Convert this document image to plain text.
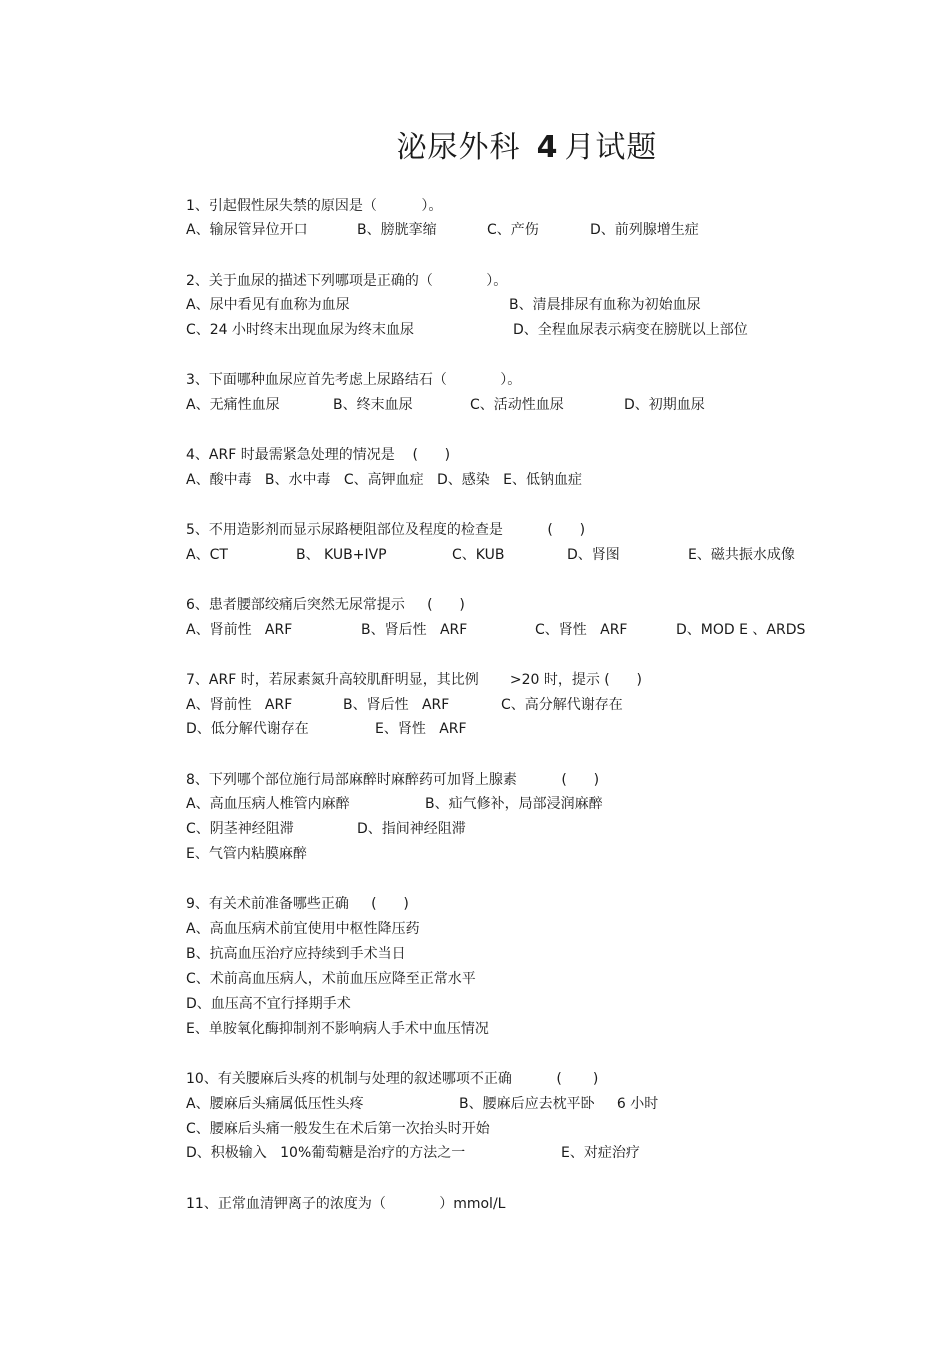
泌尿外科 4 月试题
1、引起假性尿失禁的原因是（          ）。
A、输尿管异位开口	B、膀胱挛缩	C、产伤	D、前列腺增生症
2、关于血尿的描述下列哪项是正确的（            ）。
A、尿中看见有血称为血尿	B、清晨排尿有血称为初始血尿
C、24 小时终末出现血尿为终末血尿	D、全程血尿表示病变在膀胱以上部位
3、下面哪种血尿应首先考虑上尿路结石（            ）。
A、无痛性血尿	B、终末血尿	C、活动性血尿	D、初期血尿
4、ARF 时最需紧急处理的情况是    (      )
A、酸中毒   B、水中毒   C、高钾血症   D、感染   E、低钠血症
5、不用造影剂而显示尿路梗阻部位及程度的检查是          (      )
A、CT	B、 KUB+IVP	C、KUB	D、肾图	E、磁共振水成像
6、患者腰部绞痛后突然无尿常提示     (      )
A、肾前性   ARF	B、肾后性   ARF	C、肾性   ARF	D、MOD E 、ARDS
7、ARF 时，若尿素氮升高较肌酐明显，其比例       >20 时，提示 (      )
A、肾前性   ARF	B、肾后性   ARF	C、高分解代谢存在
D、低分解代谢存在	E、肾性   ARF
8、下列哪个部位施行局部麻醉时麻醉药可加肾上腺素          (      )
A、高血压病人椎管内麻醉	B、疝气修补，局部浸润麻醉
C、阴茎神经阻滞	D、指间神经阻滞
E、气管内粘膜麻醉
9、有关术前准备哪些正确     (      )
A、高血压病术前宜使用中枢性降压药
B、抗高血压治疗应持续到手术当日
C、术前高血压病人，术前血压应降至正常水平
D、血压高不宜行择期手术
E、单胺氧化酶抑制剂不影响病人手术中血压情况
10、有关腰麻后头疼的机制与处理的叙述哪项不正确          (       )
A、腰麻后头痛属低压性头疼	B、腰麻后应去枕平卧     6 小时
C、腰麻后头痛一般发生在术后第一次抬头时开始
D、积极输入   10%葡萄糖是治疗的方法之一	E、对症治疗
11、正常血清钾离子的浓度为（            ）mmol/L
